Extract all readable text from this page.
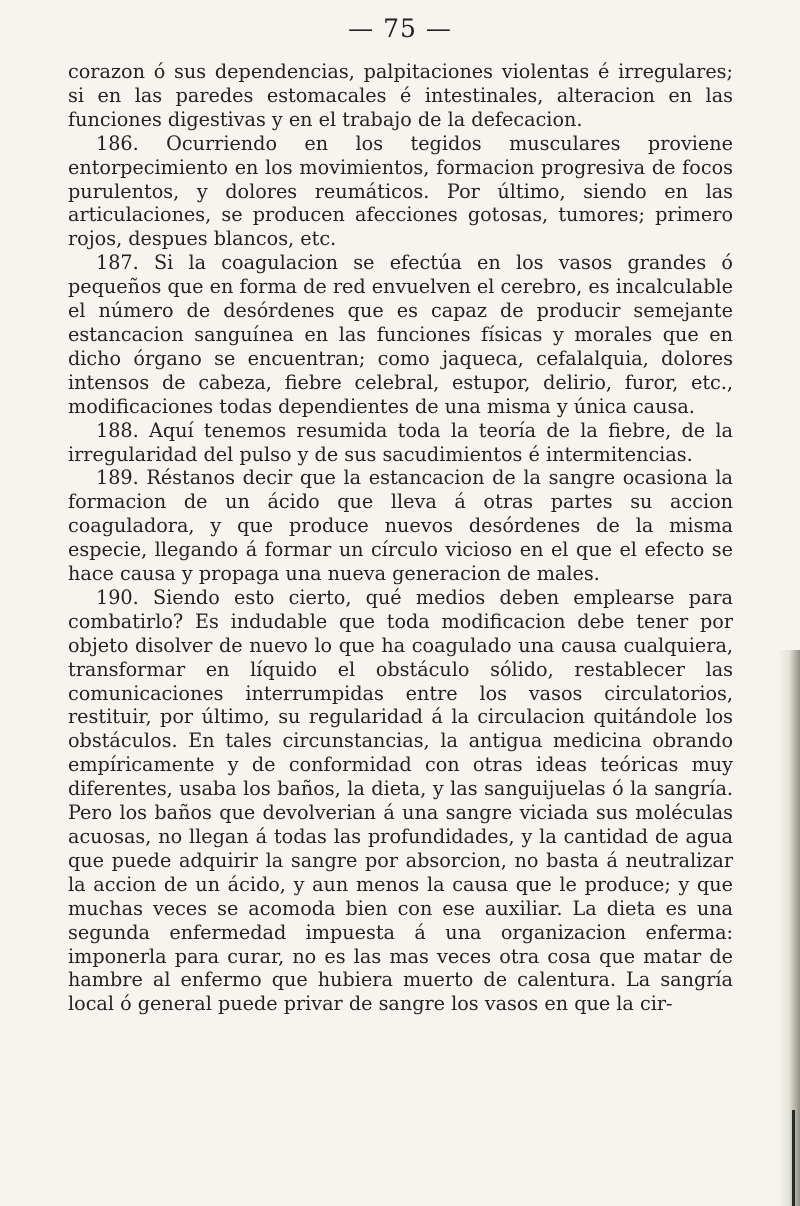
— 75 —

corazon ó sus dependencias, palpitaciones violentas é irregulares; si en las paredes estomacales é intestinales, alteracion en las funciones digestivas y en el trabajo de la defecacion.

186. Ocurriendo en los tegidos musculares proviene entorpecimiento en los movimientos, formacion progresiva de focos purulentos, y dolores reumáticos. Por último, siendo en las articulaciones, se producen afecciones gotosas, tumores; primero rojos, despues blancos, etc.

187. Si la coagulacion se efectúa en los vasos grandes ó pequeños que en forma de red envuelven el cerebro, es incalculable el número de desórdenes que es capaz de producir semejante estancacion sanguínea en las funciones físicas y morales que en dicho órgano se encuentran; como jaqueca, cefalalquia, dolores intensos de cabeza, fiebre celebral, estupor, delirio, furor, etc., modificaciones todas dependientes de una misma y única causa.

188. Aquí tenemos resumida toda la teoría de la fiebre, de la irregularidad del pulso y de sus sacudimientos é intermitencias.

189. Réstanos decir que la estancacion de la sangre ocasiona la formacion de un ácido que lleva á otras partes su accion coaguladora, y que produce nuevos desórdenes de la misma especie, llegando á formar un círculo vicioso en el que el efecto se hace causa y propaga una nueva generacion de males.

190. Siendo esto cierto, qué medios deben emplearse para combatirlo? Es indudable que toda modificacion debe tener por objeto disolver de nuevo lo que ha coagulado una causa cualquiera, transformar en líquido el obstáculo sólido, restablecer las comunicaciones interrumpidas entre los vasos circulatorios, restituir, por último, su regularidad á la circulacion quitándole los obstáculos. En tales circunstancias, la antigua medicina obrando empíricamente y de conformidad con otras ideas teóricas muy diferentes, usaba los baños, la dieta, y las sanguijuelas ó la sangría. Pero los baños que devolverian á una sangre viciada sus moléculas acuosas, no llegan á todas las profundidades, y la cantidad de agua que puede adquirir la sangre por absorcion, no basta á neutralizar la accion de un ácido, y aun menos la causa que le produce; y que muchas veces se acomoda bien con ese auxiliar. La dieta es una segunda enfermedad impuesta á una organizacion enferma: imponerla para curar, no es las mas veces otra cosa que matar de hambre al enfermo que hubiera muerto de calentura. La sangría local ó general puede privar de sangre los vasos en que la cir-
